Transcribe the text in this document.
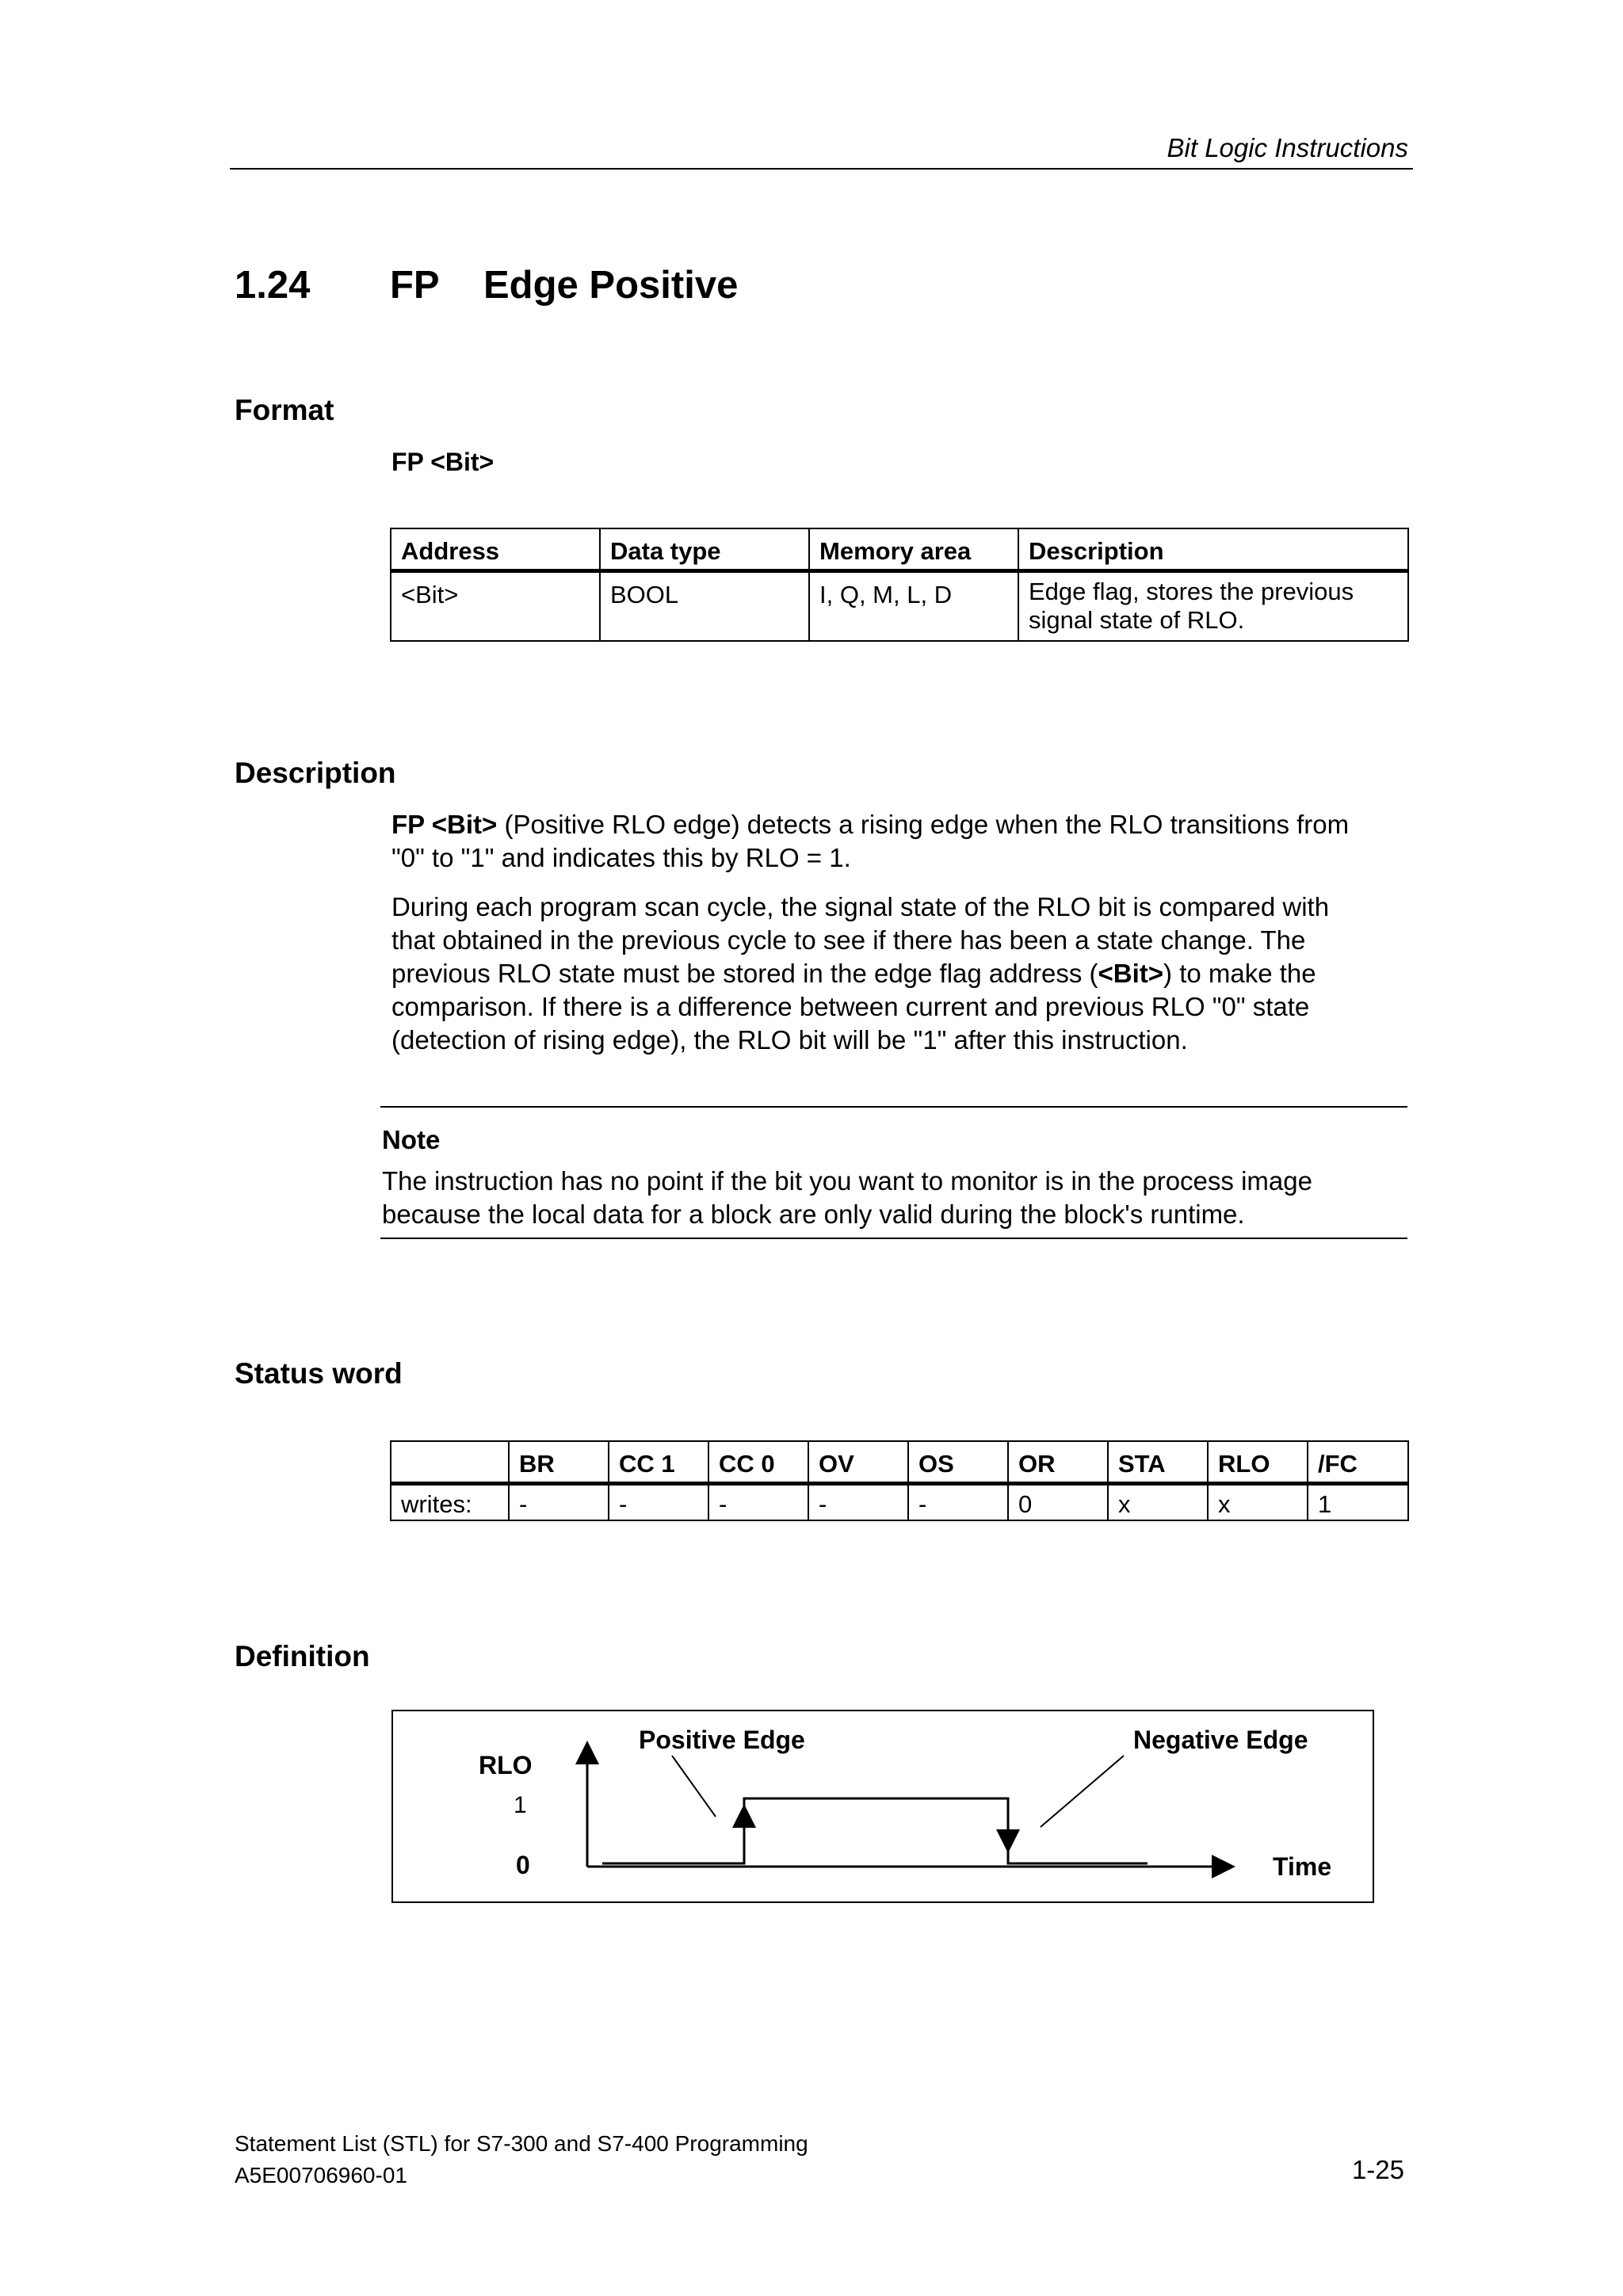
Bit Logic Instructions
1.24 FP Edge Positive
Format
FP <Bit>
Address	Data type	Memory area	Description
<Bit>	BOOL	I, Q, M, L, D	Edge flag, stores the previous
signal state of RLO.
Description
FP <Bit> (Positive RLO edge) detects a rising edge when the RLO transitions from
"0" to "1" and indicates this by RLO = 1.
During each program scan cycle, the signal state of the RLO bit is compared with
that obtained in the previous cycle to see if there has been a state change. The
previous RLO state must be stored in the edge flag address (<Bit>) to make the
comparison. If there is a difference between current and previous RLO "0" state
(detection of rising edge), the RLO bit will be "1" after this instruction.
Note
The instruction has no point if the bit you want to monitor is in the process image
because the local data for a block are only valid during the block's runtime.
Status word
	BR	CC 1	CC 0	OV	OS	OR	STA	RLO	/FC
writes:	-	-	-	-	-	0	x	x	1
Definition
RLO
1
0
Positive Edge	Negative Edge
Time
Statement List (STL) for S7-300 and S7-400 Programming
A5E00706960-01	1-25
